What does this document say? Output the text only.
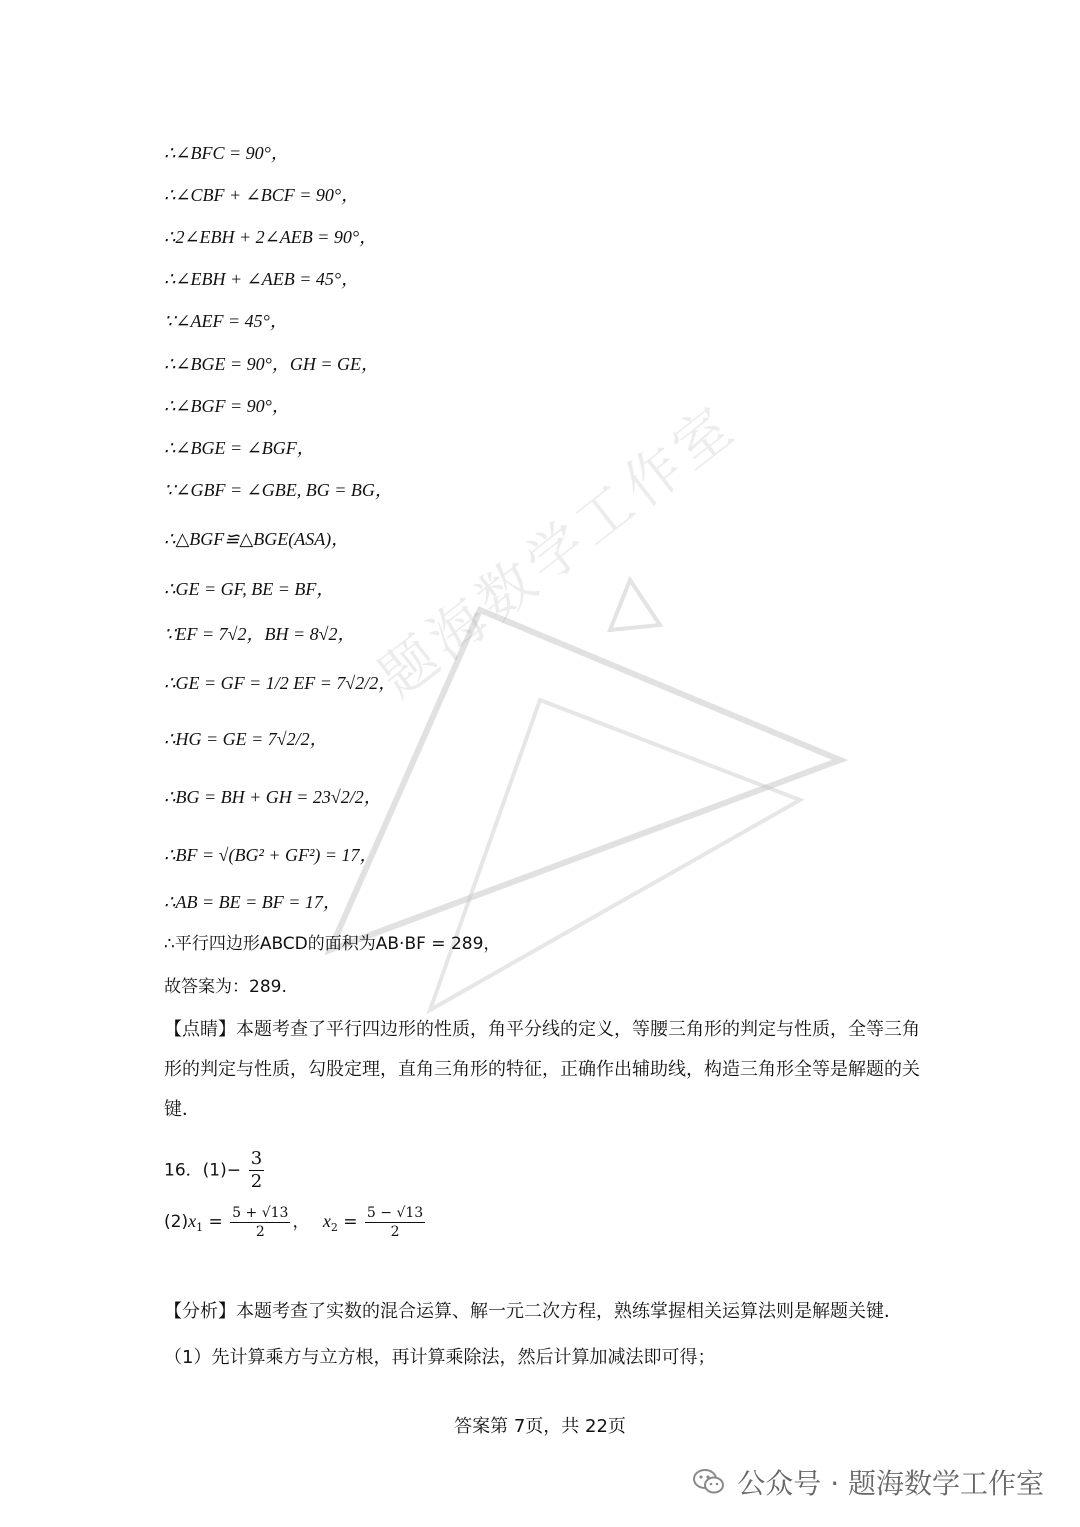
题海数学工作室
∴∠BFC = 90°，
∴∠CBF + ∠BCF = 90°，
∴2∠EBH + 2∠AEB = 90°，
∴∠EBH + ∠AEB = 45°，
∵∠AEF = 45°，
∴∠BGE = 90°，GH = GE，
∴∠BGF = 90°，
∴∠BGE = ∠BGF，
∵∠GBF = ∠GBE, BG = BG，
∴△BGF≌△BGE(ASA)，
∴GE = GF, BE = BF，
∵EF = 7√2，BH = 8√2，
∴GE = GF = 1/2 EF = 7√2/2，
∴HG = GE = 7√2/2，
∴BG = BH + GH = 23√2/2，
∴BF = √(BG² + GF²) = 17，
∴AB = BE = BF = 17，
∴平行四边形ABCD的面积为AB·BF = 289，
故答案为：289.
【点睛】本题考查了平行四边形的性质，角平分线的定义，等腰三角形的判定与性质，全等三角形的判定与性质，勾股定理，直角三角形的特征，正确作出辅助线，构造三角形全等是解题的关键．
16．$(1)- \frac{3}{2}$
$(2)x_1 = \frac{5 + √13}{2}$ ， $x_2 = \frac{5 - √13}{2}$
【分析】本题考查了实数的混合运算、解一元二次方程，熟练掌握相关运算法则是解题关键．
（1）先计算乘方与立方根，再计算乘除法，然后计算加减法即可得；
答案第 7页，共 22页
公众号 · 题海数学工作室
